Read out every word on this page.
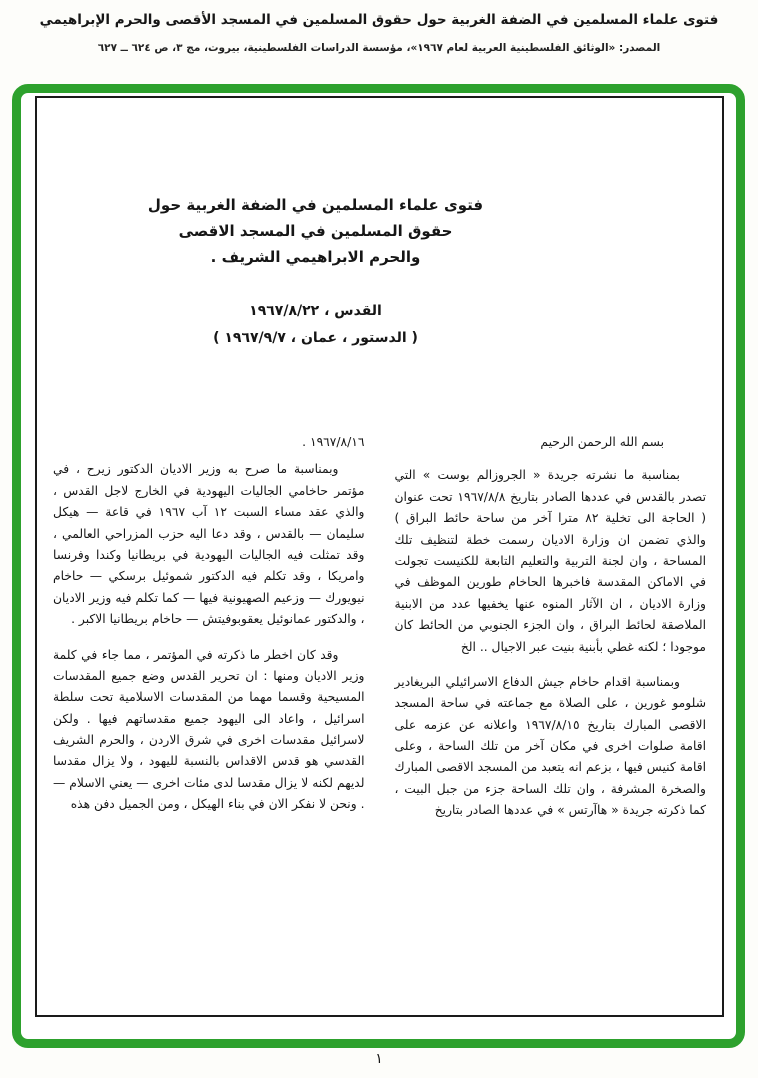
فتوى علماء المسلمين في الضفة الغربية حول حقوق المسلمين في المسجد الأقصى والحرم الإبراهيمي
المصدر: «الوثائق الفلسطينية العربية لعام ١٩٦٧»، مؤسسة الدراسات الفلسطينية، بيروت، مج ٣، ص ٦٢٤ ــ ٦٢٧
فتوى علماء المسلمين في الضفة الغربية حول
حقوق المسلمين في المسجد الاقصى
والحرم الابراهيمي الشريف .
القدس ، ١٩٦٧/٨/٢٢
( الدستور ، عمان ، ١٩٦٧/٩/٧ )

بسم الله الرحمن الرحيم

بمناسبة ما نشرته جريدة « الجروزالم بوست » التي تصدر بالقدس في عددها الصادر بتاريخ ١٩٦٧/٨/٨ تحت عنوان ( الحاجة الى تخلية ٨٢ مترا آخر من ساحة حائط البراق ) والذي تضمن ان وزارة الاديان رسمت خطة لتنظيف تلك المساحة ، وان لجنة التربية والتعليم التابعة للكنيست تجولت في الاماكن المقدسة فاخبرها الحاخام طورين الموظف في وزارة الاديان ، ان الآثار المنوه عنها يخفيها عدد من الابنية الملاصقة لحائط البراق ، وان الجزء الجنوبي من الحائط كان موجودا ؛ لكنه غطي بأبنية بنيت عبر الاجيال .. الخ

وبمناسبة اقدام حاخام جيش الدفاع الاسرائيلي البريغادير شلومو غورين ، على الصلاة مع جماعته في ساحة المسجد الاقصى المبارك بتاريخ ١٩٦٧/٨/١٥ واعلانه عن عزمه على اقامة صلوات اخرى في مكان آخر من تلك الساحة ، وعلى اقامة كنيس فيها ، بزعم انه يتعبد من المسجد الاقصى المبارك والصخرة المشرفة ، وان تلك الساحة جزء من جبل البيت ، كما ذكرته جريدة « هاآرتس » في عددها الصادر بتاريخ

١٩٦٧/٨/١٦ .

وبمناسبة ما صرح به وزير الاديان الدكتور زيرح ، في مؤتمر حاخامي الجاليات اليهودية في الخارج لاجل القدس ، والذي عقد مساء السبت ١٢ آب ١٩٦٧ في قاعة — هيكل سليمان — بالقدس ، وقد دعا اليه حزب المزراحي العالمي ، وقد تمثلت فيه الجاليات اليهودية في بريطانيا وكندا وفرنسا وامريكا ، وقد تكلم فيه الدكتور شموئيل برسكي — حاخام نيويورك — وزعيم الصهيونية فيها — كما تكلم فيه وزير الاديان ، والدكتور عمانوئيل يعقوبوفيتش — حاخام بريطانيا الاكبر .

وقد كان اخطر ما ذكرته في المؤتمر ، مما جاء في كلمة وزير الاديان ومنها : ان تحرير القدس وضع جميع المقدسات المسيحية وقسما مهما من المقدسات الاسلامية تحت سلطة اسرائيل ، واعاد الى اليهود جميع مقدساتهم فيها . ولكن لاسرائيل مقدسات اخرى في شرق الاردن ، والحرم الشريف القدسي هو قدس الاقداس بالنسبة لليهود ، ولا يزال مقدسا لديهم لكنه لا يزال مقدسا لدى مئات اخرى — يعني الاسلام — . ونحن لا نفكر الان في بناء الهيكل ، ومن الجميل دفن هذه

١
